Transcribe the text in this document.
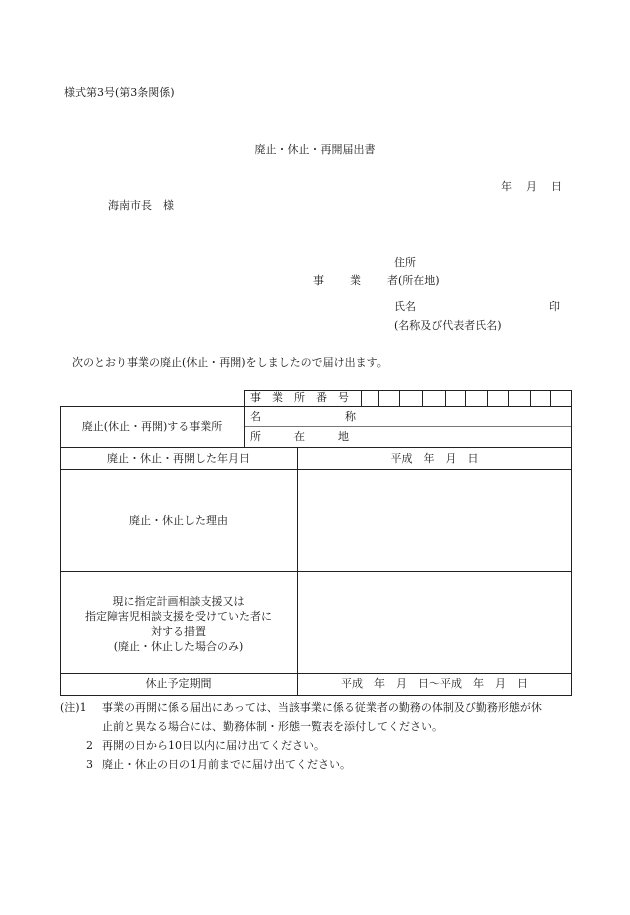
様式第3号(第3条関係)
廃止・休止・再開届出書
年 月 日
海南市長　様
住所
事 業 者(所在地)
氏名	印
(名称及び代表者氏名)
次のとおり事業の廃止(休止・再開)をしましたので届け出ます。
事　業　所　番　号
廃止(休止・再開)する事業所
名	称
所	在	地
廃止・休止・再開した年月日	平成　年　月　日
廃止・休止した理由
現に指定計画相談支援又は
指定障害児相談支援を受けていた者に
対する措置
(廃止・休止した場合のみ)
休止予定期間	平成　年　月　日～平成　年　月　日
(注)1 事業の再開に係る届出にあっては、当該事業に係る従業者の勤務の体制及び勤務形態が休
止前と異なる場合には、勤務体制・形態一覧表を添付してください。
2 再開の日から10日以内に届け出てください。
3 廃止・休止の日の1月前までに届け出てください。
